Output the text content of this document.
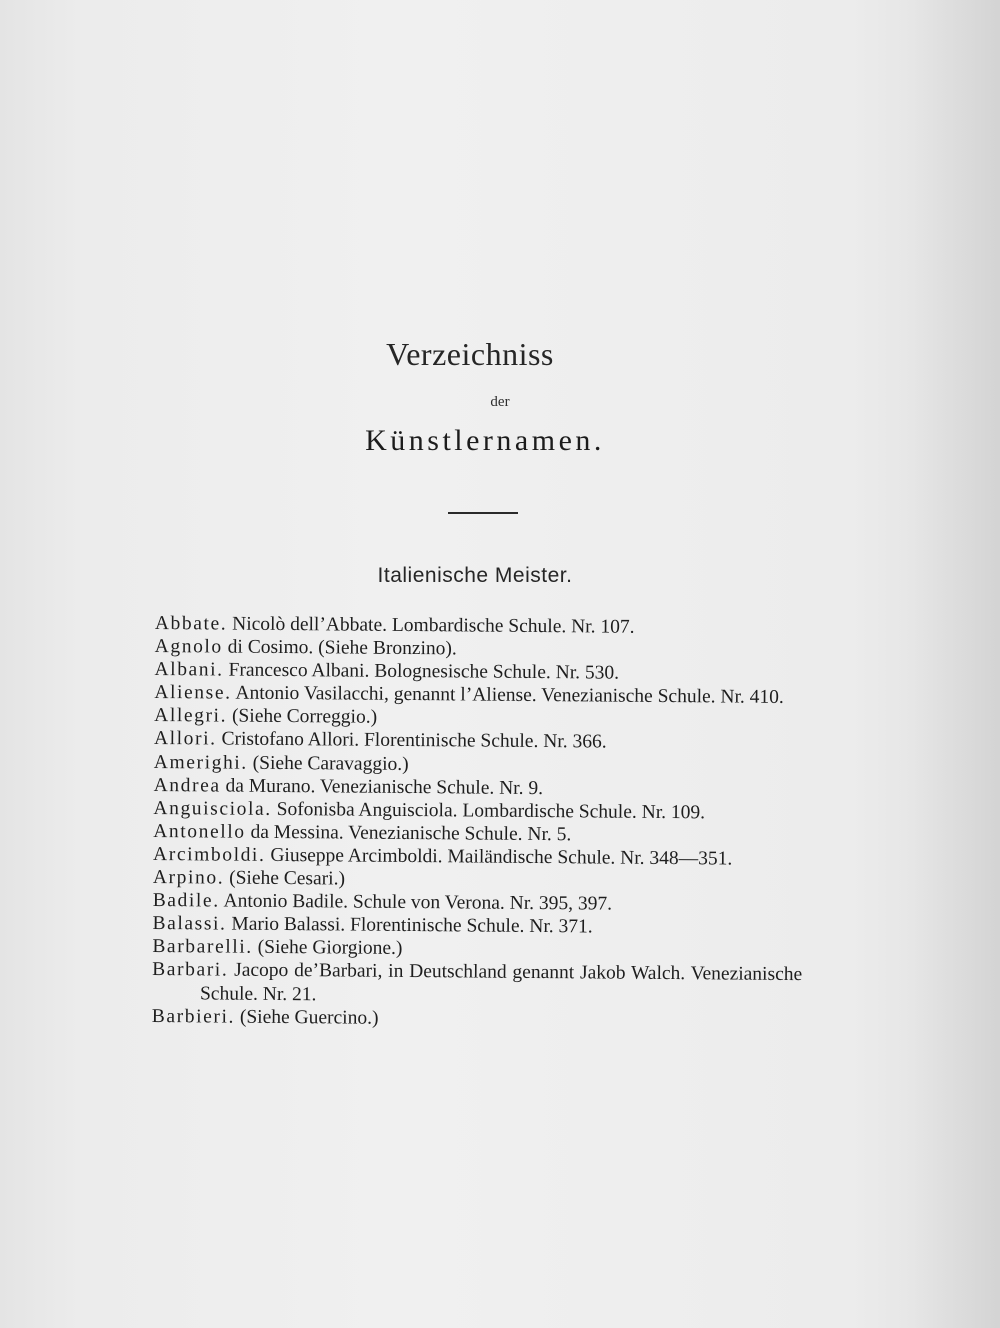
Verzeichniss
der
Künstlernamen.
Italienische Meister.

Abbate. Nicolò dell’Abbate. Lombardische Schule. Nr. 107.

Agnolo di Cosimo. (Siehe Bronzino).

Albani. Francesco Albani. Bolognesische Schule. Nr. 530.

Aliense. Antonio Vasilacchi, genannt l’Aliense. Venezianische Schule. Nr. 410.

Allegri. (Siehe Correggio.)

Allori. Cristofano Allori. Florentinische Schule. Nr. 366.

Amerighi. (Siehe Caravaggio.)

Andrea da Murano. Venezianische Schule. Nr. 9.

Anguisciola. Sofonisba Anguisciola. Lombardische Schule. Nr. 109.

Antonello da Messina. Venezianische Schule. Nr. 5.

Arcimboldi. Giuseppe Arcimboldi. Mailändische Schule. Nr. 348—351.

Arpino. (Siehe Cesari.)

Badile. Antonio Badile. Schule von Verona. Nr. 395, 397.

Balassi. Mario Balassi. Florentinische Schule. Nr. 371.

Barbarelli. (Siehe Giorgione.)

Barbari. Jacopo de’Barbari, in Deutschland genannt Jakob Walch. Venezianische Schule. Nr. 21.

Barbieri. (Siehe Guercino.)
